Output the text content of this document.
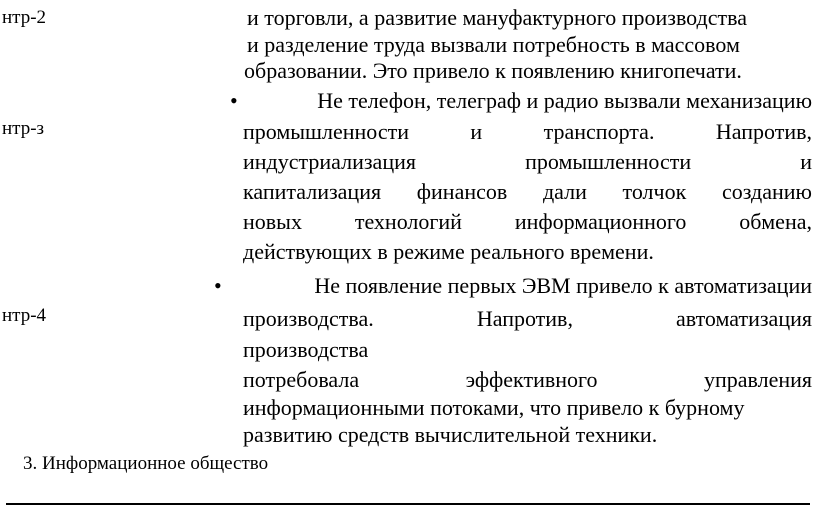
нтр-2
нтр-з
нтр-4
и торговли, а развитие мануфактурного производства
и разделение труда вызвали потребность в массовом
образовании. Это привело к появлению книгопечати.
•	Не телефон, телеграф и радио вызвали механизацию
промышленности	и	транспорта.	Напротив,
индустриализация	промышленности	и
капитализация финансов дали толчок созданию
новых технологий информационного обмена,
действующих в режиме реального времени.
•	Не появление первых ЭВМ привело к автоматизации
производства.	Напротив,	автоматизация
производства
потребовала	эффективного	управления
информационными потоками, что привело к бурному
развитию средств вычислительной техники.
3. Информационное общество
